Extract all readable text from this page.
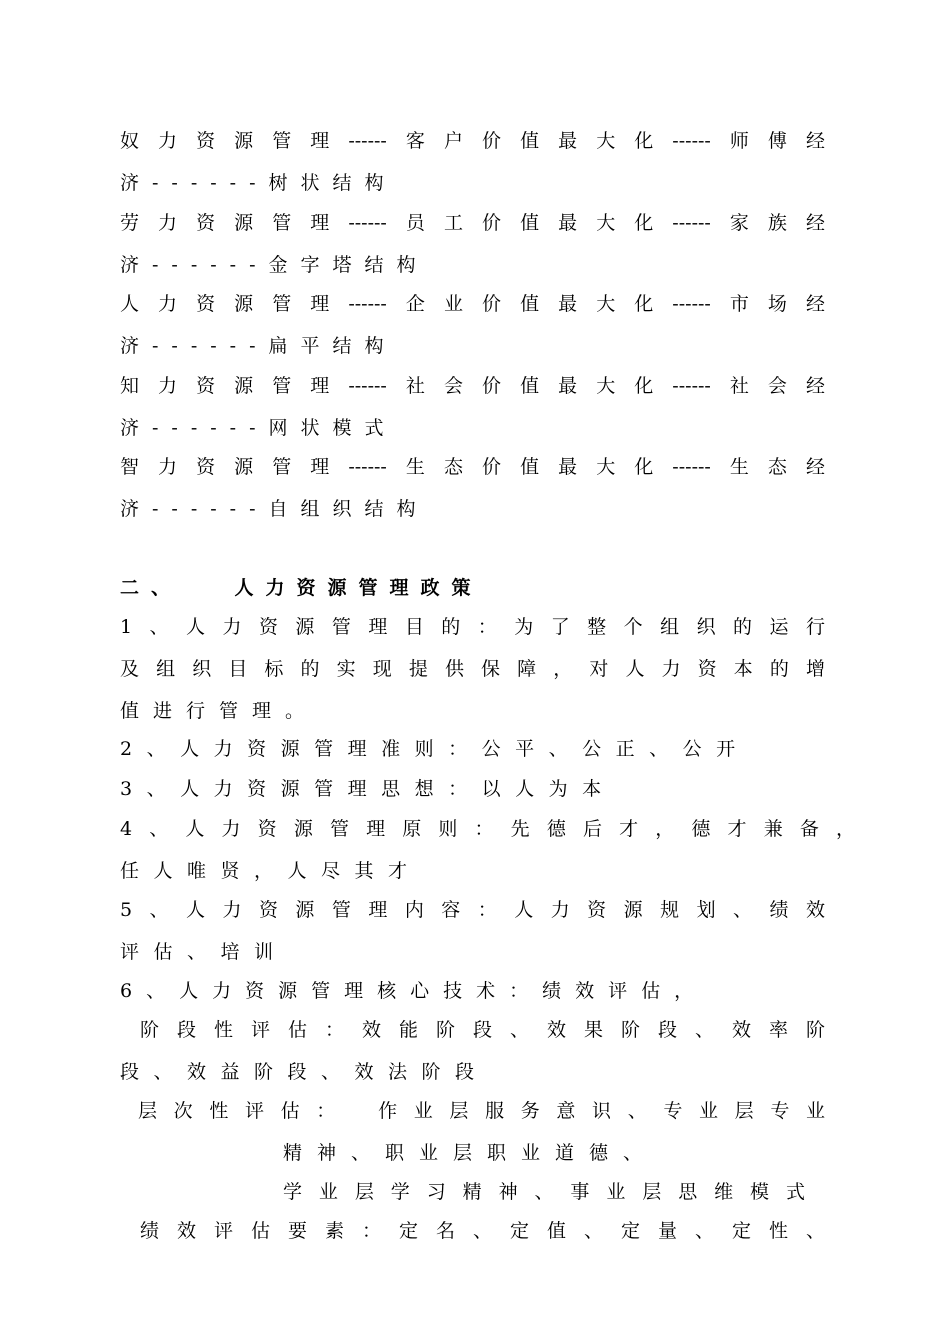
奴力资源管理------客户价值最大化------师傅经
济------树状结构
劳力资源管理------员工价值最大化------家族经
济------金字塔结构
人力资源管理------企业价值最大化------市场经
济------扁平结构
知力资源管理------社会价值最大化------社会经
济------网状模式
智力资源管理------生态价值最大化------生态经
济------自组织结构
二、　　人力资源管理政策
1、人力资源管理目的：为了整个组织的运行
及组织目标的实现提供保障，对人力资本的增
值进行管理。
2、人力资源管理准则：公平、公正、公开
3、人力资源管理思想：以人为本
4、人力资源管理原则：先德后才，德才兼备，
任人唯贤，人尽其才
5、人力资源管理内容：人力资源规划、绩效
评估、培训
6、人力资源管理核心技术：绩效评估，
阶段性评估：效能阶段、效果阶段、效率阶
段、效益阶段、效法阶段
层次性评估：　作业层服务意识、专业层专业
精神、职业层职业道德、
学业层学习精神、事业层思维模式
绩效评估要素：定名、定值、定量、定性、
